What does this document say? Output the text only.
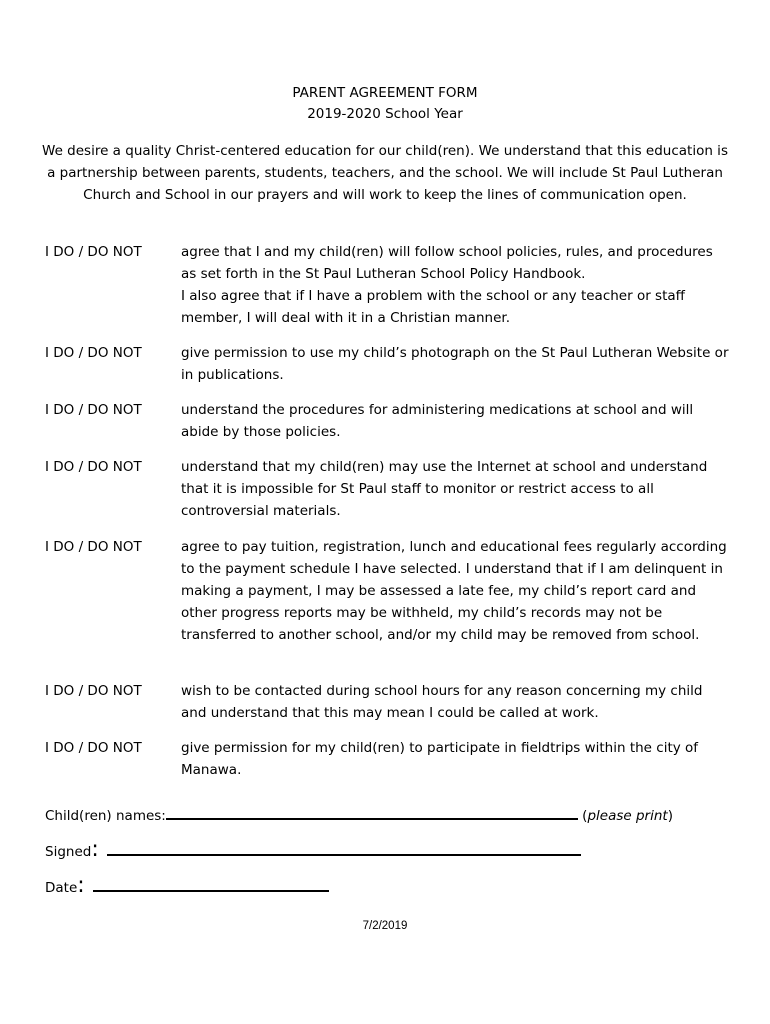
PARENT AGREEMENT FORM
2019-2020 School Year
We desire a quality Christ-centered education for our child(ren). We understand that this education is a partnership between parents, students, teachers, and the school. We will include St Paul Lutheran Church and School in our prayers and will work to keep the lines of communication open.
I DO / DO NOT	agree that I and my child(ren) will follow school policies, rules, and procedures as set forth in the St Paul Lutheran School Policy Handbook.
I also agree that if I have a problem with the school or any teacher or staff member, I will deal with it in a Christian manner.
I DO / DO NOT	give permission to use my child’s photograph on the St Paul Lutheran Website or in publications.
I DO / DO NOT	understand the procedures for administering medications at school and will abide by those policies.
I DO / DO NOT	understand that my child(ren) may use the Internet at school and understand that it is impossible for St Paul staff to monitor or restrict access to all controversial materials.
I DO / DO NOT	agree to pay tuition, registration, lunch and educational fees regularly according to the payment schedule I have selected. I understand that if I am delinquent in making a payment, I may be assessed a late fee, my child’s report card and other progress reports may be withheld, my child’s records may not be transferred to another school, and/or my child may be removed from school.
I DO / DO NOT	wish to be contacted during school hours for any reason concerning my child and understand that this may mean I could be called at work.
I DO / DO NOT	give permission for my child(ren) to participate in fieldtrips within the city of Manawa.
Child(ren) names:	(please print)
Signed:
Date:
7/2/2019
